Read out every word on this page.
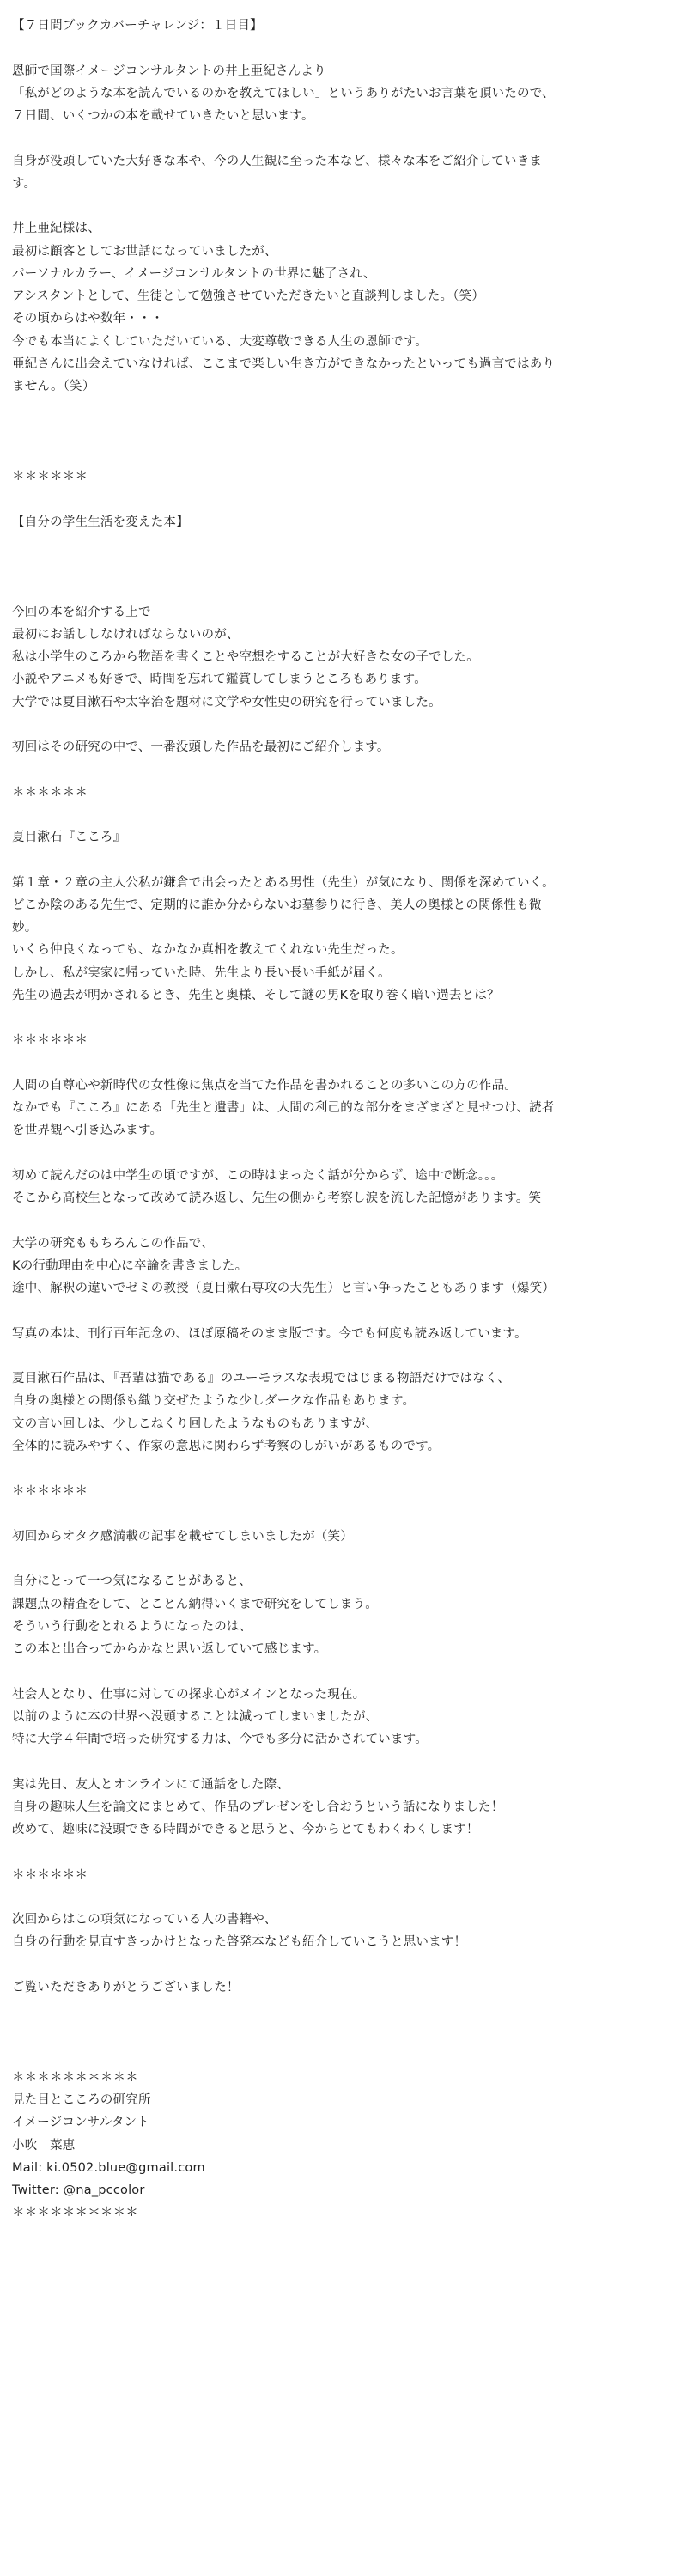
【７日間ブックカバーチャレンジ：１日目】
恩師で国際イメージコンサルタントの井上亜紀さんより
「私がどのような本を読んでいるのかを教えてほしい」というありがたいお言葉を頂いたので、
７日間、いくつかの本を載せていきたいと思います。
自身が没頭していた大好きな本や、今の人生観に至った本など、様々な本をご紹介していきま
す。
井上亜紀様は、
最初は顧客としてお世話になっていましたが、
パーソナルカラー、イメージコンサルタントの世界に魅了され、
アシスタントとして、生徒として勉強させていただきたいと直談判しました。（笑）
その頃からはや数年・・・
今でも本当によくしていただいている、大変尊敬できる人生の恩師です。
亜紀さんに出会えていなければ、ここまで楽しい生き方ができなかったといっても過言ではあり
ません。（笑）
＊＊＊＊＊＊
【自分の学生生活を変えた本】
今回の本を紹介する上で
最初にお話ししなければならないのが、
私は小学生のころから物語を書くことや空想をすることが大好きな女の子でした。
小説やアニメも好きで、時間を忘れて鑑賞してしまうところもあります。
大学では夏目漱石や太宰治を題材に文学や女性史の研究を行っていました。
初回はその研究の中で、一番没頭した作品を最初にご紹介します。
＊＊＊＊＊＊
夏目漱石『こころ』
第１章・２章の主人公私が鎌倉で出会ったとある男性（先生）が気になり、関係を深めていく。
どこか陰のある先生で、定期的に誰か分からないお墓参りに行き、美人の奥様との関係性も微
妙。
いくら仲良くなっても、なかなか真相を教えてくれない先生だった。
しかし、私が実家に帰っていた時、先生より長い長い手紙が届く。
先生の過去が明かされるとき、先生と奥様、そして謎の男Kを取り巻く暗い過去とは？
＊＊＊＊＊＊
人間の自尊心や新時代の女性像に焦点を当てた作品を書かれることの多いこの方の作品。
なかでも『こころ』にある「先生と遺書」は、人間の利己的な部分をまざまざと見せつけ、読者
を世界観へ引き込みます。
初めて読んだのは中学生の頃ですが、この時はまったく話が分からず、途中で断念。。。
そこから高校生となって改めて読み返し、先生の側から考察し涙を流した記憶があります。笑
大学の研究ももちろんこの作品で、
Kの行動理由を中心に卒論を書きました。
途中、解釈の違いでゼミの教授（夏目漱石専攻の大先生）と言い争ったこともあります（爆笑）
写真の本は、刊行百年記念の、ほぼ原稿そのまま版です。今でも何度も読み返しています。
夏目漱石作品は、『吾輩は猫である』のユーモラスな表現ではじまる物語だけではなく、
自身の奥様との関係も織り交ぜたような少しダークな作品もあります。
文の言い回しは、少しこねくり回したようなものもありますが、
全体的に読みやすく、作家の意思に関わらず考察のしがいがあるものです。
＊＊＊＊＊＊
初回からオタク感満載の記事を載せてしまいましたが（笑）
自分にとって一つ気になることがあると、
課題点の精査をして、とことん納得いくまで研究をしてしまう。
そういう行動をとれるようになったのは、
この本と出合ってからかなと思い返していて感じます。
社会人となり、仕事に対しての探求心がメインとなった現在。
以前のように本の世界へ没頭することは減ってしまいましたが、
特に大学４年間で培った研究する力は、今でも多分に活かされています。
実は先日、友人とオンラインにて通話をした際、
自身の趣味人生を論文にまとめて、作品のプレゼンをし合おうという話になりました！
改めて、趣味に没頭できる時間ができると思うと、今からとてもわくわくします！
＊＊＊＊＊＊
次回からはこの項気になっている人の書籍や、
自身の行動を見直すきっかけとなった啓発本なども紹介していこうと思います！
ご覧いただきありがとうございました！
＊＊＊＊＊＊＊＊＊＊
見た目とこころの研究所
イメージコンサルタント
小吹　菜恵
Mail: ki.0502.blue@gmail.com
Twitter: @na_pccolor
＊＊＊＊＊＊＊＊＊＊
